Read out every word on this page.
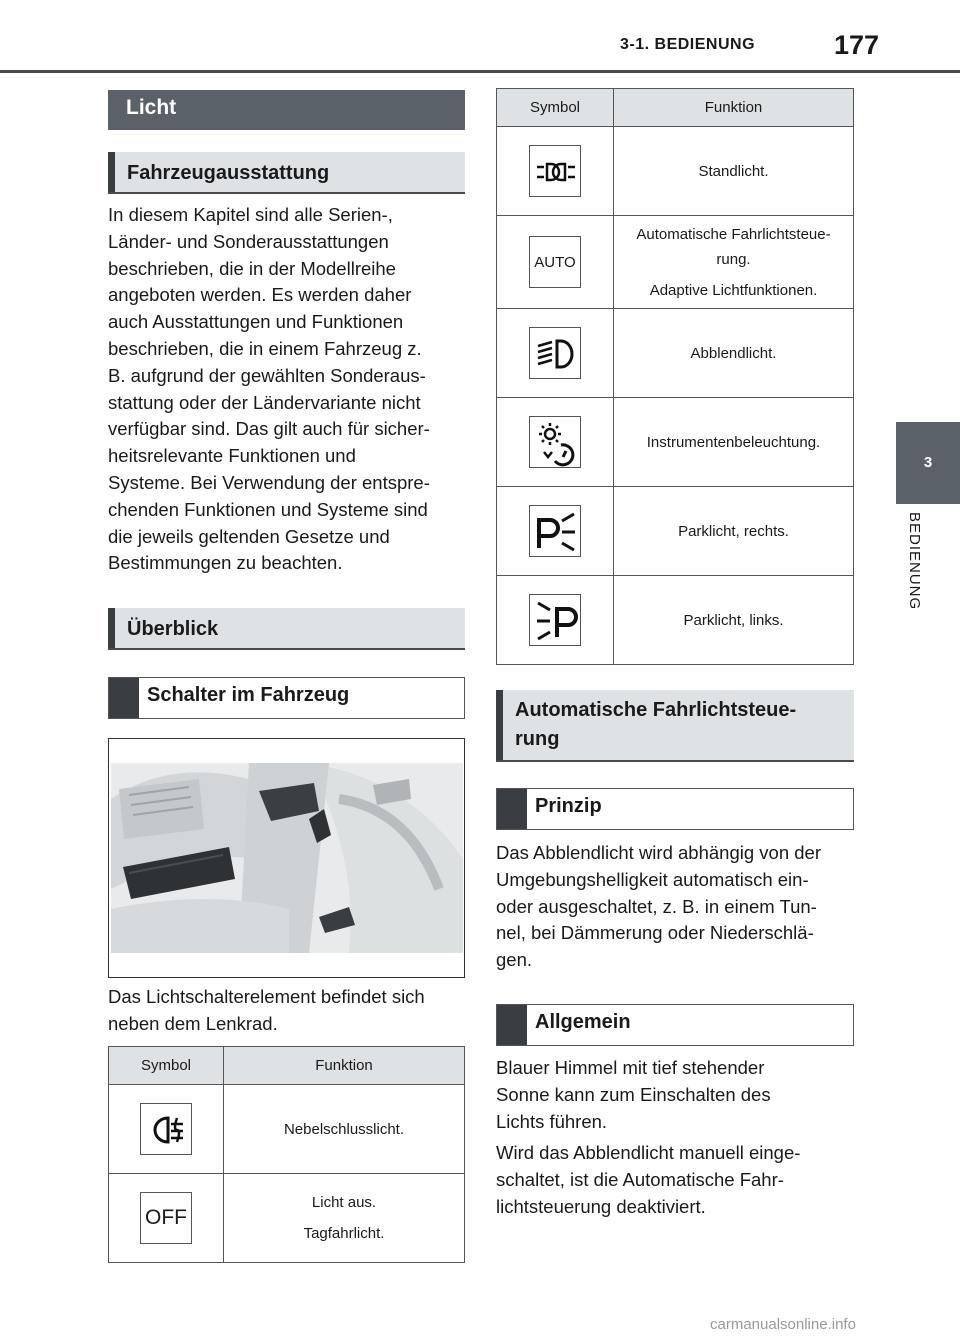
3-1. BEDIENUNG	177
3
BEDIENUNG
Licht
Fahrzeugausstattung
In diesem Kapitel sind alle Serien-,
Länder- und Sonderausstattungen
beschrieben, die in der Modellreihe
angeboten werden. Es werden daher
auch Ausstattungen und Funktionen
beschrieben, die in einem Fahrzeug z.
B. aufgrund der gewählten Sonderaus-
stattung oder der Ländervariante nicht
verfügbar sind. Das gilt auch für sicher-
heitsrelevante Funktionen und
Systeme. Bei Verwendung der entspre-
chenden Funktionen und Systeme sind
die jeweils geltenden Gesetze und
Bestimmungen zu beachten.
Überblick
Schalter im Fahrzeug
Das Lichtschalterelement befindet sich
neben dem Lenkrad.
Symbol	Funktion

Nebelschlusslicht.

OFF	Licht aus.
Tagfahrlicht.
Symbol	Funktion

Standlicht.

AUTO	Automatische Fahrlichtsteue-
rung.
Adaptive Lichtfunktionen.

Abblendlicht.

Instrumentenbeleuchtung.

Parklicht, rechts.

Parklicht, links.
Automatische Fahrlichtsteue-
rung
Prinzip
Das Abblendlicht wird abhängig von der
Umgebungshelligkeit automatisch ein-
oder ausgeschaltet, z. B. in einem Tun-
nel, bei Dämmerung oder Niederschlä-
gen.
Allgemein
Blauer Himmel mit tief stehender
Sonne kann zum Einschalten des
Lichts führen.
Wird das Abblendlicht manuell einge-
schaltet, ist die Automatische Fahr-
lichtsteuerung deaktiviert.
carmanualsonline.info
